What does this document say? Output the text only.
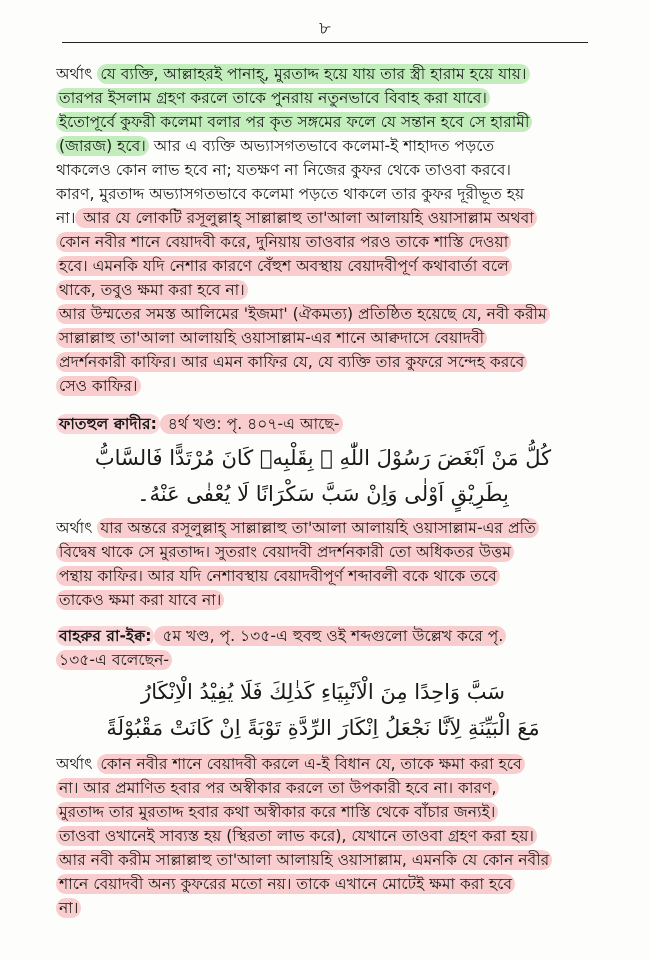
৮

অর্থাৎ যে ব্যক্তি, আল্লাহরই পানাহ্, মুরতাদ্দ হয়ে যায় তার স্ত্রী হারাম হয়ে যায়।
তারপর ইসলাম গ্রহণ করলে তাকে পুনরায় নতুনভাবে বিবাহ করা যাবে।
ইতোপূর্বে কুফরী কলেমা বলার পর কৃত সঙ্গমের ফলে যে সন্তান হবে সে হারামী
(জারজ) হবে। আর এ ব্যক্তি অভ্যাসগতভাবে কলেমা-ই শাহাদত পড়তে
থাকলেও কোন লাভ হবে না; যতক্ষণ না নিজের কুফর থেকে তাওবা করবে।
কারণ, মুরতাদ্দ অভ্যাসগতভাবে কলেমা পড়তে থাকলে তার কুফর দূরীভূত হয়
না। আর যে লোকটি রসূলুল্লাহ্ সাল্লাল্লাহু তা'আলা আলায়হি ওয়াসাল্লাম অথবা
কোন নবীর শানে বেয়াদবী করে, দুনিয়ায় তাওবার পরও তাকে শাস্তি দেওয়া
হবে। এমনকি যদি নেশার কারণে বেঁহুশ অবস্থায় বেয়াদবীপূর্ণ কথাবার্তা বলে
থাকে, তবুও ক্ষমা করা হবে না।
আর উম্মতের সমস্ত আলিমের 'ইজমা' (ঐকমত্য) প্রতিষ্ঠিত হয়েছে যে, নবী করীম
সাল্লাল্লাহু তা'আলা আলায়হি ওয়াসাল্লাম-এর শানে আক্বদাসে বেয়াদবী
প্রদর্শনকারী কাফির। আর এমন কাফির যে, যে ব্যক্তি তার কুফরে সন্দেহ করবে
সেও কাফির।

ফাতহুল ক্বাদীর: ৪র্থ খণ্ড: পৃ. ৪০৭-এ আছে-

كُلُّ مَنْ اَبْغَضَ رَسُوْلَ اللّٰهِ ﷺ بِقَلْبِهٖ كَانَ مُرْتَدًّا فَالسَّابُّ
بِطَرِيْقٍ اَوْلٰى وَاِنْ سَبَّ سَكْرَانًا لَا يُعْفٰى عَنْهُ۔

অর্থাৎ যার অন্তরে রসূলুল্লাহ্ সাল্লাল্লাহু তা'আলা আলায়হি ওয়াসাল্লাম-এর প্রতি
বিদ্বেষ থাকে সে মুরতাদ্দ। সুতরাং বেয়াদবী প্রদর্শনকারী তো অধিকতর উত্তম
পন্থায় কাফির। আর যদি নেশাবস্থায় বেয়াদবীপূর্ণ শব্দাবলী বকে থাকে তবে
তাকেও ক্ষমা করা যাবে না।

বাহরুর রা-ইক্ব: ৫ম খণ্ড, পৃ. ১৩৫-এ হুবহু ওই শব্দগুলো উল্লেখ করে পৃ.
১৩৫-এ বলেছেন-

سَبَّ وَاحِدًا مِنَ الْاَنْبِيَاءِ كَذٰلِكَ فَلَا يُفِيْدُ الْاِنْكَارُ
مَعَ الْبَيِّنَةِ لِاَنَّا نَجْعَلُ اِنْكَارَ الرِّدَّةِ تَوْبَةً اِنْ كَانَتْ مَقْبُوْلَةً

অর্থাৎ কোন নবীর শানে বেয়াদবী করলে এ-ই বিধান যে, তাকে ক্ষমা করা হবে
না। আর প্রমাণিত হবার পর অস্বীকার করলে তা উপকারী হবে না। কারণ,
মুরতাদ্দ তার মুরতাদ্দ হবার কথা অস্বীকার করে শাস্তি থেকে বাঁচার জন্যই।
তাওবা ওখানেই সাব্যস্ত হয় (স্থিরতা লাভ করে), যেখানে তাওবা গ্রহণ করা হয়।
আর নবী করীম সাল্লাল্লাহু তা'আলা আলায়হি ওয়াসাল্লাম, এমনকি যে কোন নবীর
শানে বেয়াদবী অন্য কুফরের মতো নয়। তাকে এখানে মোটেই ক্ষমা করা হবে
না।
